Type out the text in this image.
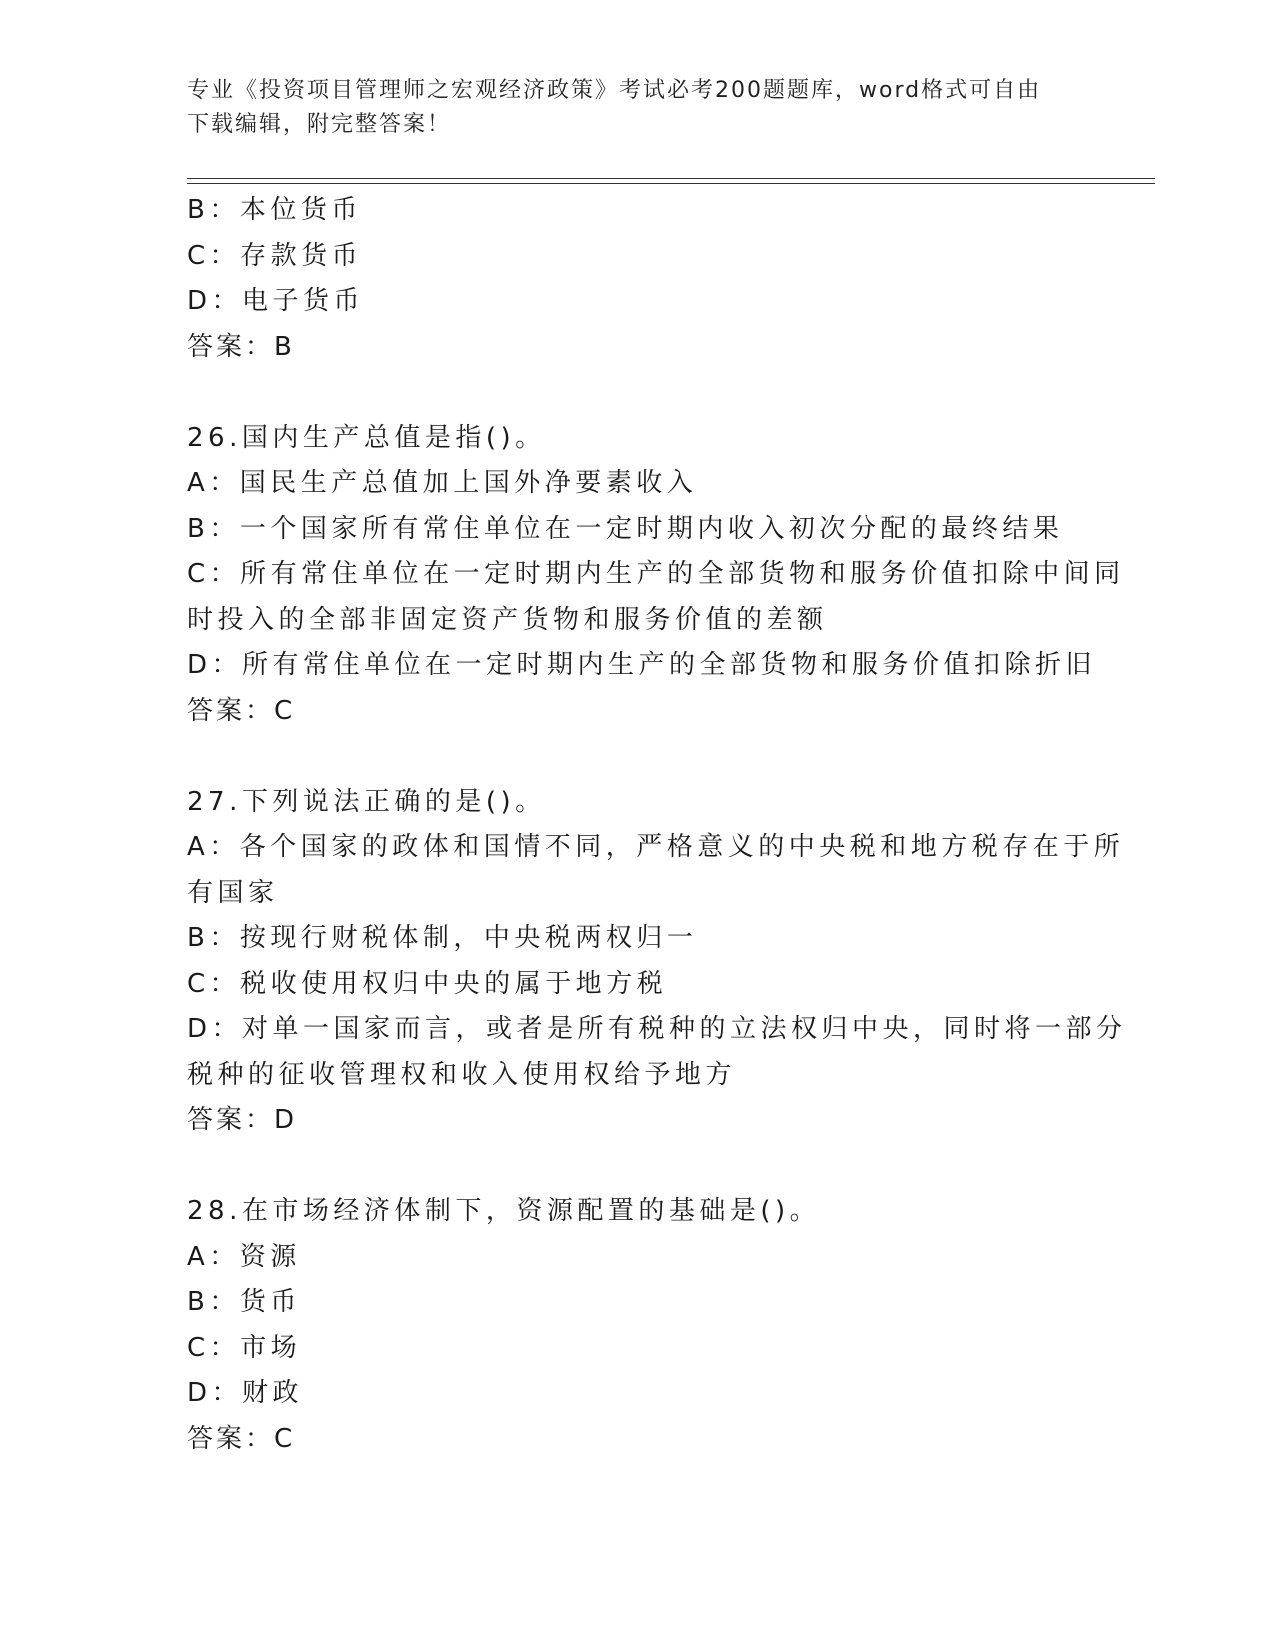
专业《投资项目管理师之宏观经济政策》考试必考200题题库，word格式可自由
下载编辑，附完整答案！
B：本位货币
C：存款货币
D：电子货币
答案：B
26.国内生产总值是指()。
A：国民生产总值加上国外净要素收入
B：一个国家所有常住单位在一定时期内收入初次分配的最终结果
C：所有常住单位在一定时期内生产的全部货物和服务价值扣除中间同
时投入的全部非固定资产货物和服务价值的差额
D：所有常住单位在一定时期内生产的全部货物和服务价值扣除折旧
答案：C
27.下列说法正确的是()。
A：各个国家的政体和国情不同，严格意义的中央税和地方税存在于所
有国家
B：按现行财税体制，中央税两权归一
C：税收使用权归中央的属于地方税
D：对单一国家而言，或者是所有税种的立法权归中央，同时将一部分
税种的征收管理权和收入使用权给予地方
答案：D
28.在市场经济体制下，资源配置的基础是()。
A：资源
B：货币
C：市场
D：财政
答案：C
